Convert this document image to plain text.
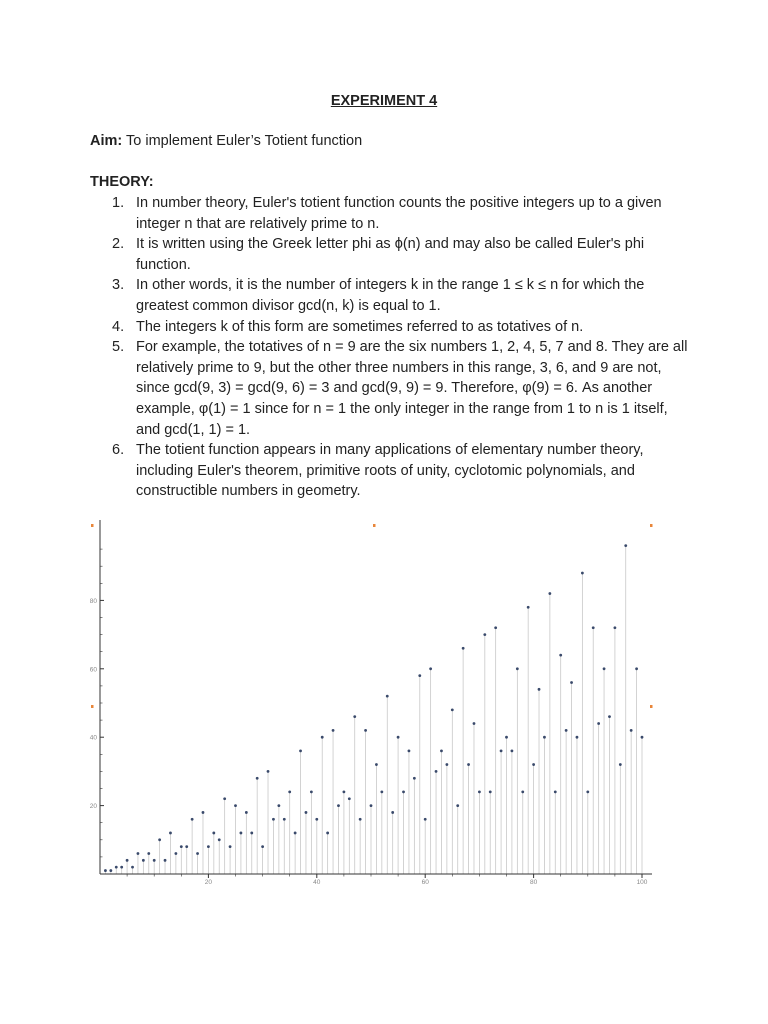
EXPERIMENT 4
Aim: To implement Euler’s Totient function
THEORY:
1. In number theory, Euler's totient function counts the positive integers up to a given integer n that are relatively prime to n.
2. It is written using the Greek letter phi as ϕ(n) and may also be called Euler's phi function.
3. In other words, it is the number of integers k in the range 1 ≤ k ≤ n for which the greatest common divisor gcd(n, k) is equal to 1.
4. The integers k of this form are sometimes referred to as totatives of n.
5. For example, the totatives of n = 9 are the six numbers 1, 2, 4, 5, 7 and 8. They are all relatively prime to 9, but the other three numbers in this range, 3, 6, and 9 are not, since gcd(9, 3) = gcd(9, 6) = 3 and gcd(9, 9) = 9. Therefore, φ(9) = 6. As another example, φ(1) = 1 since for n = 1 the only integer in the range from 1 to n is 1 itself, and gcd(1, 1) = 1.
6. The totient function appears in many applications of elementary number theory, including Euler's theorem, primitive roots of unity, cyclotomic polynomials, and constructible numbers in geometry.
20	40	60	80	100
20
40
60
80
